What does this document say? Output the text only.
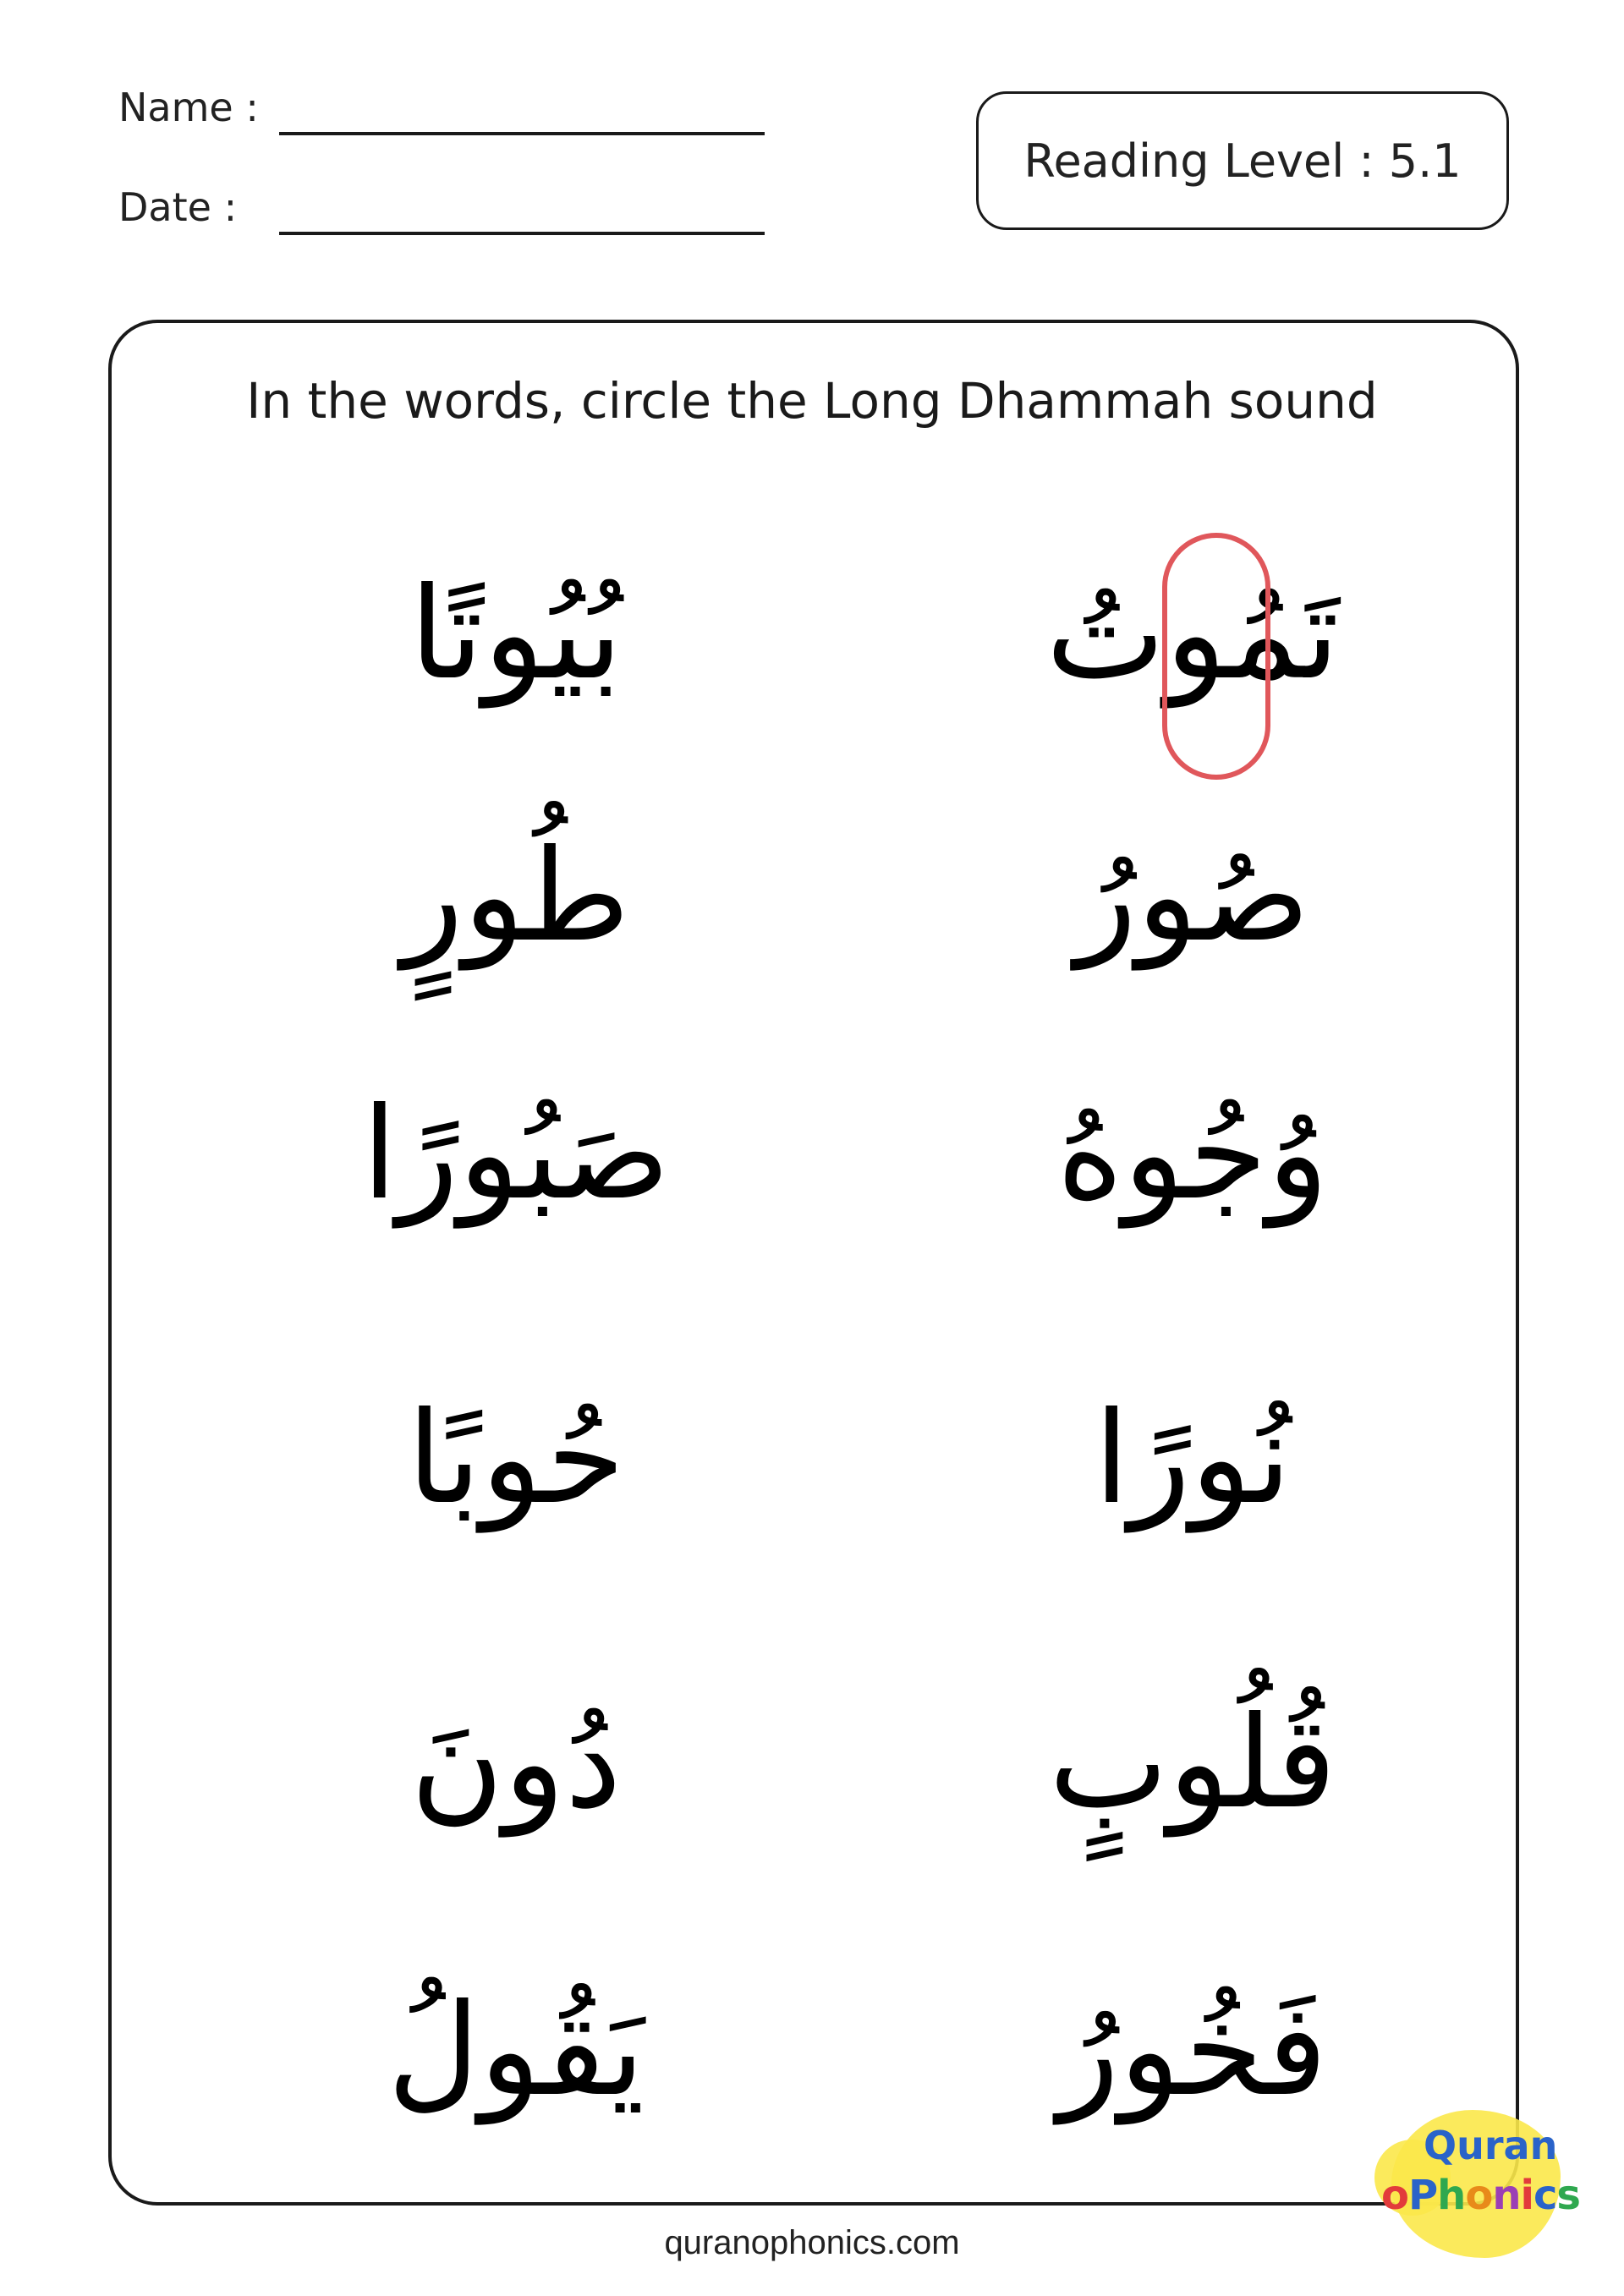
Name :
Date :
Reading Level : 5.1
In the words, circle the Long Dhammah sound
تَمُوتُ
صُورُ
وُجُوهُ
نُورًا
قُلُوبٍ
فَخُورُ
بُيُوتًا
طُورٍ
صَبُورًا
حُوبًا
دُونَ
يَقُولُ
quranophonics.com
Quran
oPhonics
